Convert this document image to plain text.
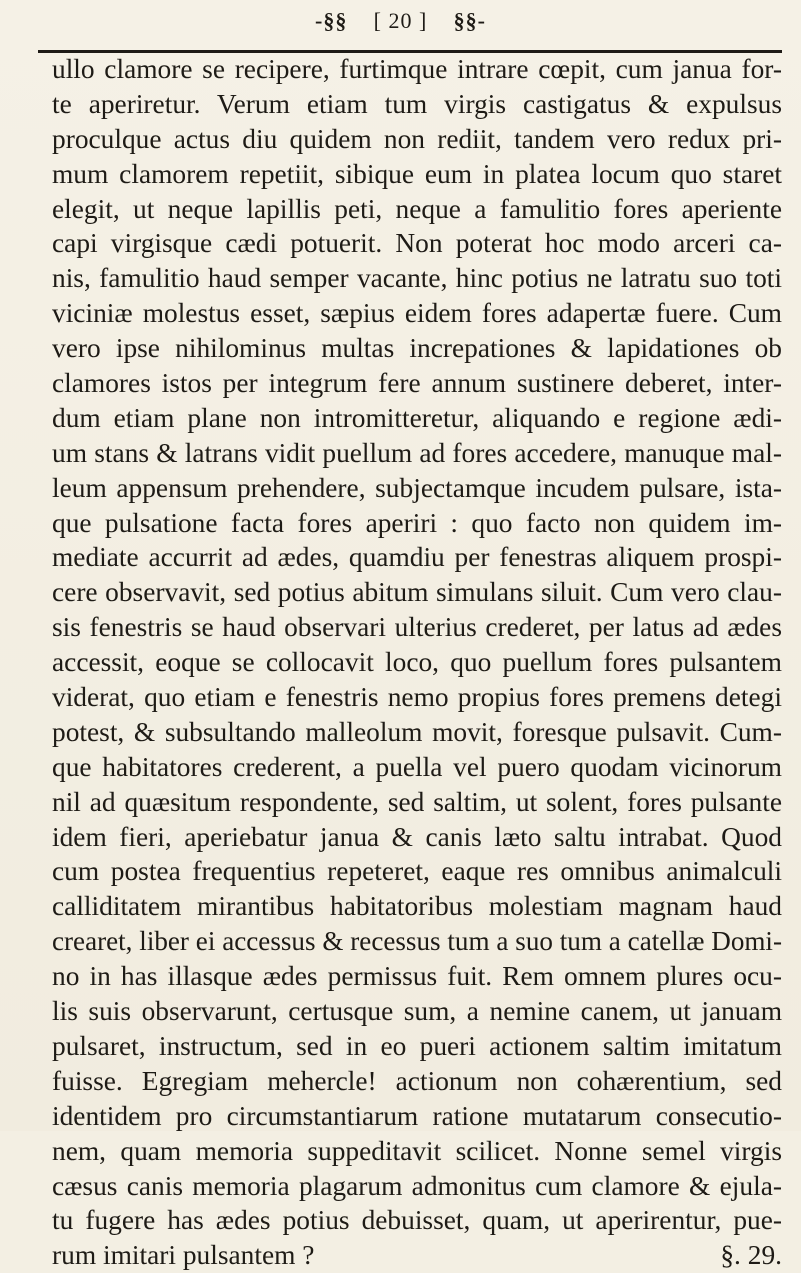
-§§ [ 20 ] §§-
ullo clamore se recipere, furtimque intrare cœpit, cum janua for-
te aperiretur. Verum etiam tum virgis castigatus & expulsus
proculque actus diu quidem non rediit, tandem vero redux pri-
mum clamorem repetiit, sibique eum in platea locum quo staret
elegit, ut neque lapillis peti, neque a famulitio fores aperiente
capi virgisque cædi potuerit. Non poterat hoc modo arceri ca-
nis, famulitio haud semper vacante, hinc potius ne latratu suo toti
viciniæ molestus esset, sæpius eidem fores adapertæ fuere. Cum
vero ipse nihilominus multas increpationes & lapidationes ob
clamores istos per integrum fere annum sustinere deberet, inter-
dum etiam plane non intromitteretur, aliquando e regione ædi-
um stans & latrans vidit puellum ad fores accedere, manuque mal-
leum appensum prehendere, subjectamque incudem pulsare, ista-
que pulsatione facta fores aperiri : quo facto non quidem im-
mediate accurrit ad ædes, quamdiu per fenestras aliquem prospi-
cere observavit, sed potius abitum simulans siluit. Cum vero clau-
sis fenestris se haud observari ulterius crederet, per latus ad ædes
accessit, eoque se collocavit loco, quo puellum fores pulsantem
viderat, quo etiam e fenestris nemo propius fores premens detegi
potest, & subsultando malleolum movit, foresque pulsavit. Cum-
que habitatores crederent, a puella vel puero quodam vicinorum
nil ad quæsitum respondente, sed saltim, ut solent, fores pulsante
idem fieri, aperiebatur janua & canis læto saltu intrabat. Quod
cum postea frequentius repeteret, eaque res omnibus animalculi
calliditatem mirantibus habitatoribus molestiam magnam haud
crearet, liber ei accessus & recessus tum a suo tum a catellæ Domi-
no in has illasque ædes permissus fuit. Rem omnem plures ocu-
lis suis observarunt, certusque sum, a nemine canem, ut januam
pulsaret, instructum, sed in eo pueri actionem saltim imitatum
fuisse. Egregiam mehercle! actionum non cohærentium, sed
identidem pro circumstantiarum ratione mutatarum consecutio-
nem, quam memoria suppeditavit scilicet. Nonne semel virgis
cæsus canis memoria plagarum admonitus cum clamore & ejula-
tu fugere has ædes potius debuisset, quam, ut aperirentur, pue-
rum imitari pulsantem ?	§. 29.
